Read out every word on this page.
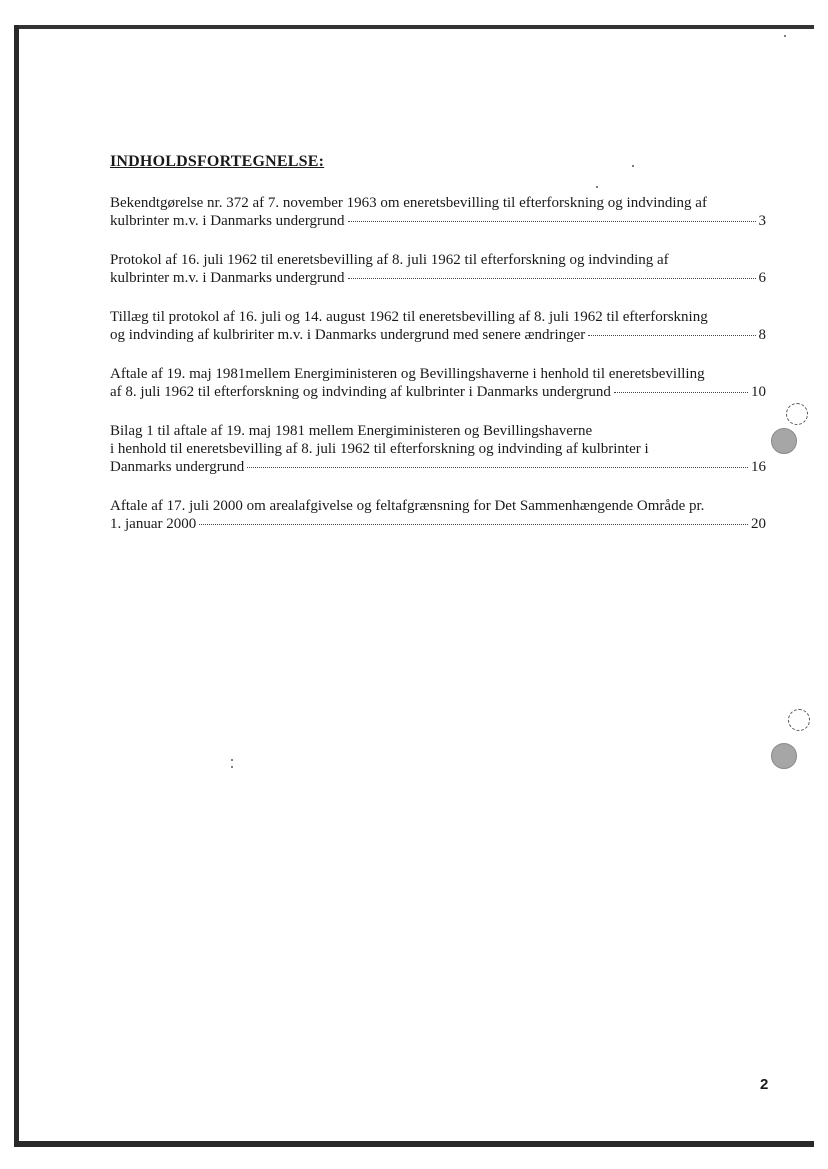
INDHOLDSFORTEGNELSE:
Bekendtgørelse nr. 372 af 7. november 1963 om eneretsbevilling til efterforskning og indvinding af
kulbrinter m.v. i Danmarks undergrund	3
Protokol af 16. juli 1962 til eneretsbevilling af 8. juli 1962 til efterforskning og indvinding af
kulbrinter m.v. i Danmarks undergrund	6
Tillæg til protokol af 16. juli og 14. august 1962 til eneretsbevilling af 8. juli 1962 til efterforskning
og indvinding af kulbririter m.v. i Danmarks undergrund med senere ændringer	8
Aftale af 19. maj 1981mellem Energiministeren og Bevillingshaverne i henhold til eneretsbevilling
af 8. juli 1962 til efterforskning og indvinding af kulbrinter i Danmarks undergrund	10
Bilag 1 til aftale af 19. maj 1981 mellem Energiministeren og Bevillingshaverne
i henhold til eneretsbevilling af 8. juli 1962 til efterforskning og indvinding af kulbrinter i
Danmarks undergrund	16
Aftale af 17. juli 2000 om arealafgivelse og feltafgrænsning for Det Sammenhængende Område pr.
1. januar 2000	20
2
